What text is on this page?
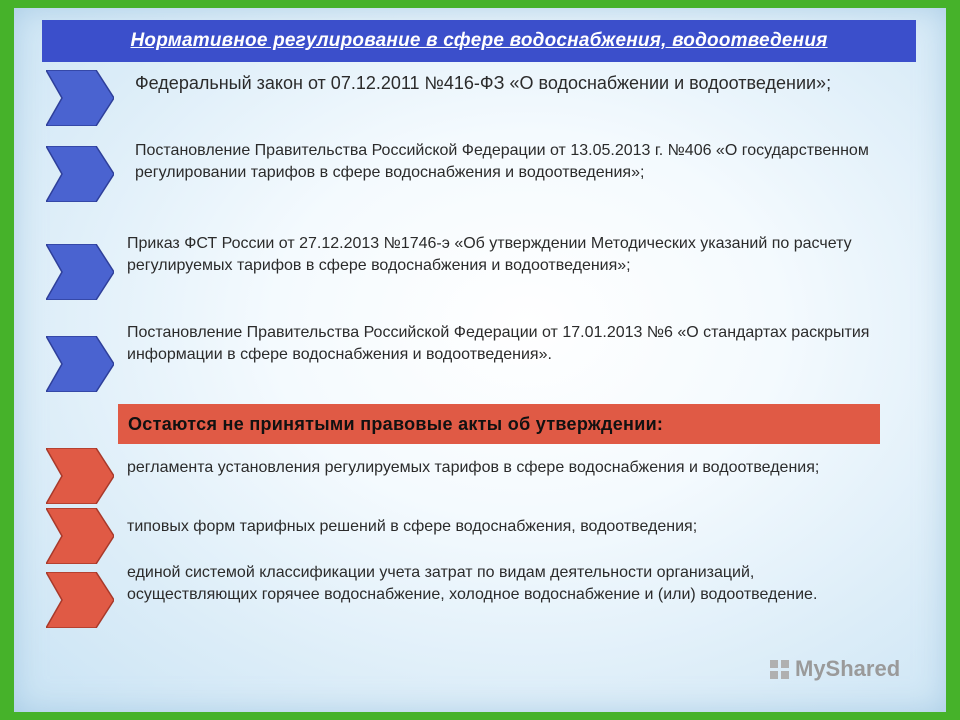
Нормативное регулирование в сфере водоснабжения, водоотведения
Федеральный закон от 07.12.2011 №416-ФЗ «О водоснабжении и водоотведении»;
Постановление Правительства Российской Федерации от 13.05.2013 г. №406 «О государственном регулировании тарифов в сфере водоснабжения и водоотведения»;
Приказ ФСТ России от 27.12.2013 №1746-э «Об утверждении Методических указаний по расчету регулируемых тарифов в сфере водоснабжения и водоотведения»;
Постановление Правительства Российской Федерации от 17.01.2013 №6 «О стандартах раскрытия информации в сфере водоснабжения и водоотведения».
Остаются не принятыми правовые акты об утверждении:
регламента установления регулируемых тарифов в сфере водоснабжения и водоотведения;
типовых форм тарифных решений в сфере водоснабжения, водоотведения;
единой системой классификации учета затрат по видам деятельности организаций, осуществляющих горячее водоснабжение, холодное водоснабжение и (или) водоотведение.
MyShared
